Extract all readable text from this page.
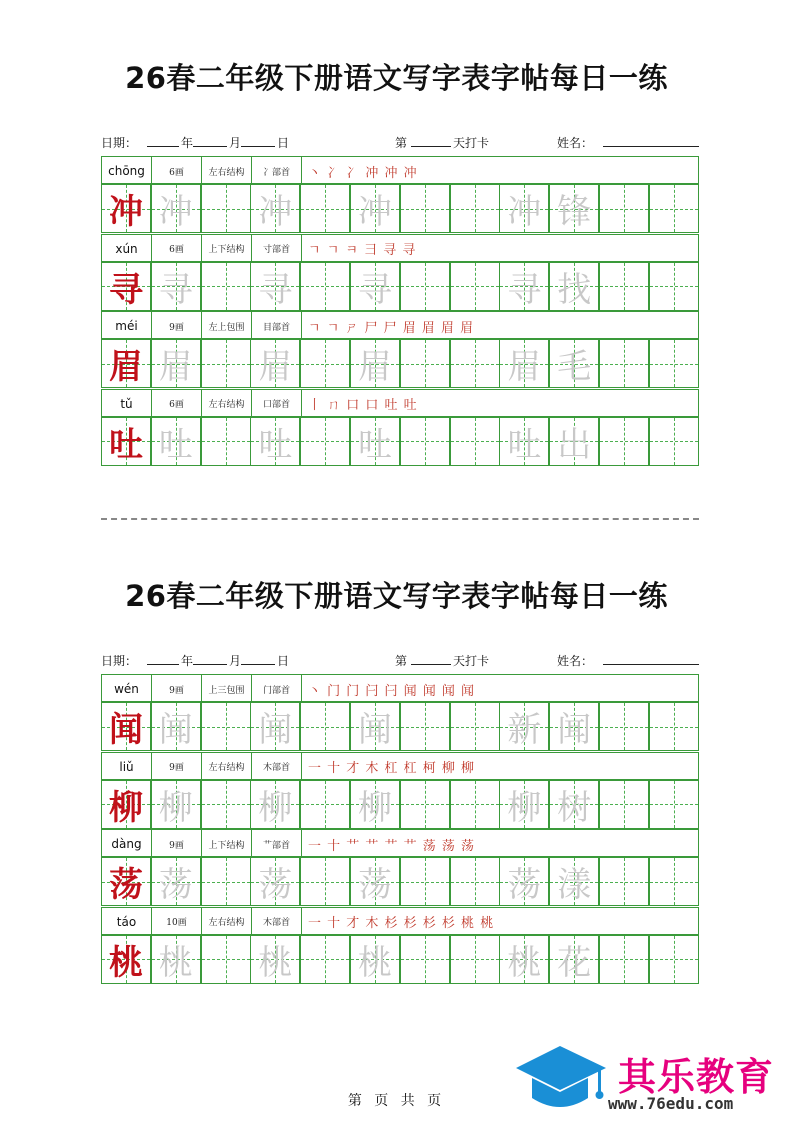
26春二年级下册语文写字表字帖每日一练
日期：	年	月	日	第	天打卡	姓名：
chōng	6画	左右结构	冫部首	丶 冫 冫 冲 冲 冲
冲 冲 冲 冲	冲 锋
xún	6画	上下结构	寸部首	ㄱ ㄱ ㅋ 彐 寻 寻
寻 寻 寻 寻	寻 找
méi	9画	左上包围	目部首	ㄱ ㄱ ㄕ 尸 尸 眉 眉 眉 眉
眉 眉 眉 眉	眉 毛
tǔ	6画	左右结构	口部首	丨 ㄇ 口 口 吐 吐
吐 吐 吐 吐	吐 出
26春二年级下册语文写字表字帖每日一练
日期：	年	月	日	第	天打卡	姓名：
wén	9画	上三包围	门部首	丶 门 门 闩 闩 闻 闻 闻 闻
闻 闻 闻 闻	新 闻
liǔ	9画	左右结构	木部首	一 十 才 木 杠 杠 柯 柳 柳
柳 柳 柳 柳	柳 树
dàng	9画	上下结构	艹部首	一 十 艹 艹 艹 艹 荡 荡 荡
荡 荡 荡 荡	荡 漾
táo	10画	左右结构	木部首	一 十 才 木 杉 杉 杉 杉 桃 桃
桃 桃 桃 桃	桃 花
第 页 共 页
其乐教育
www.76edu.com
